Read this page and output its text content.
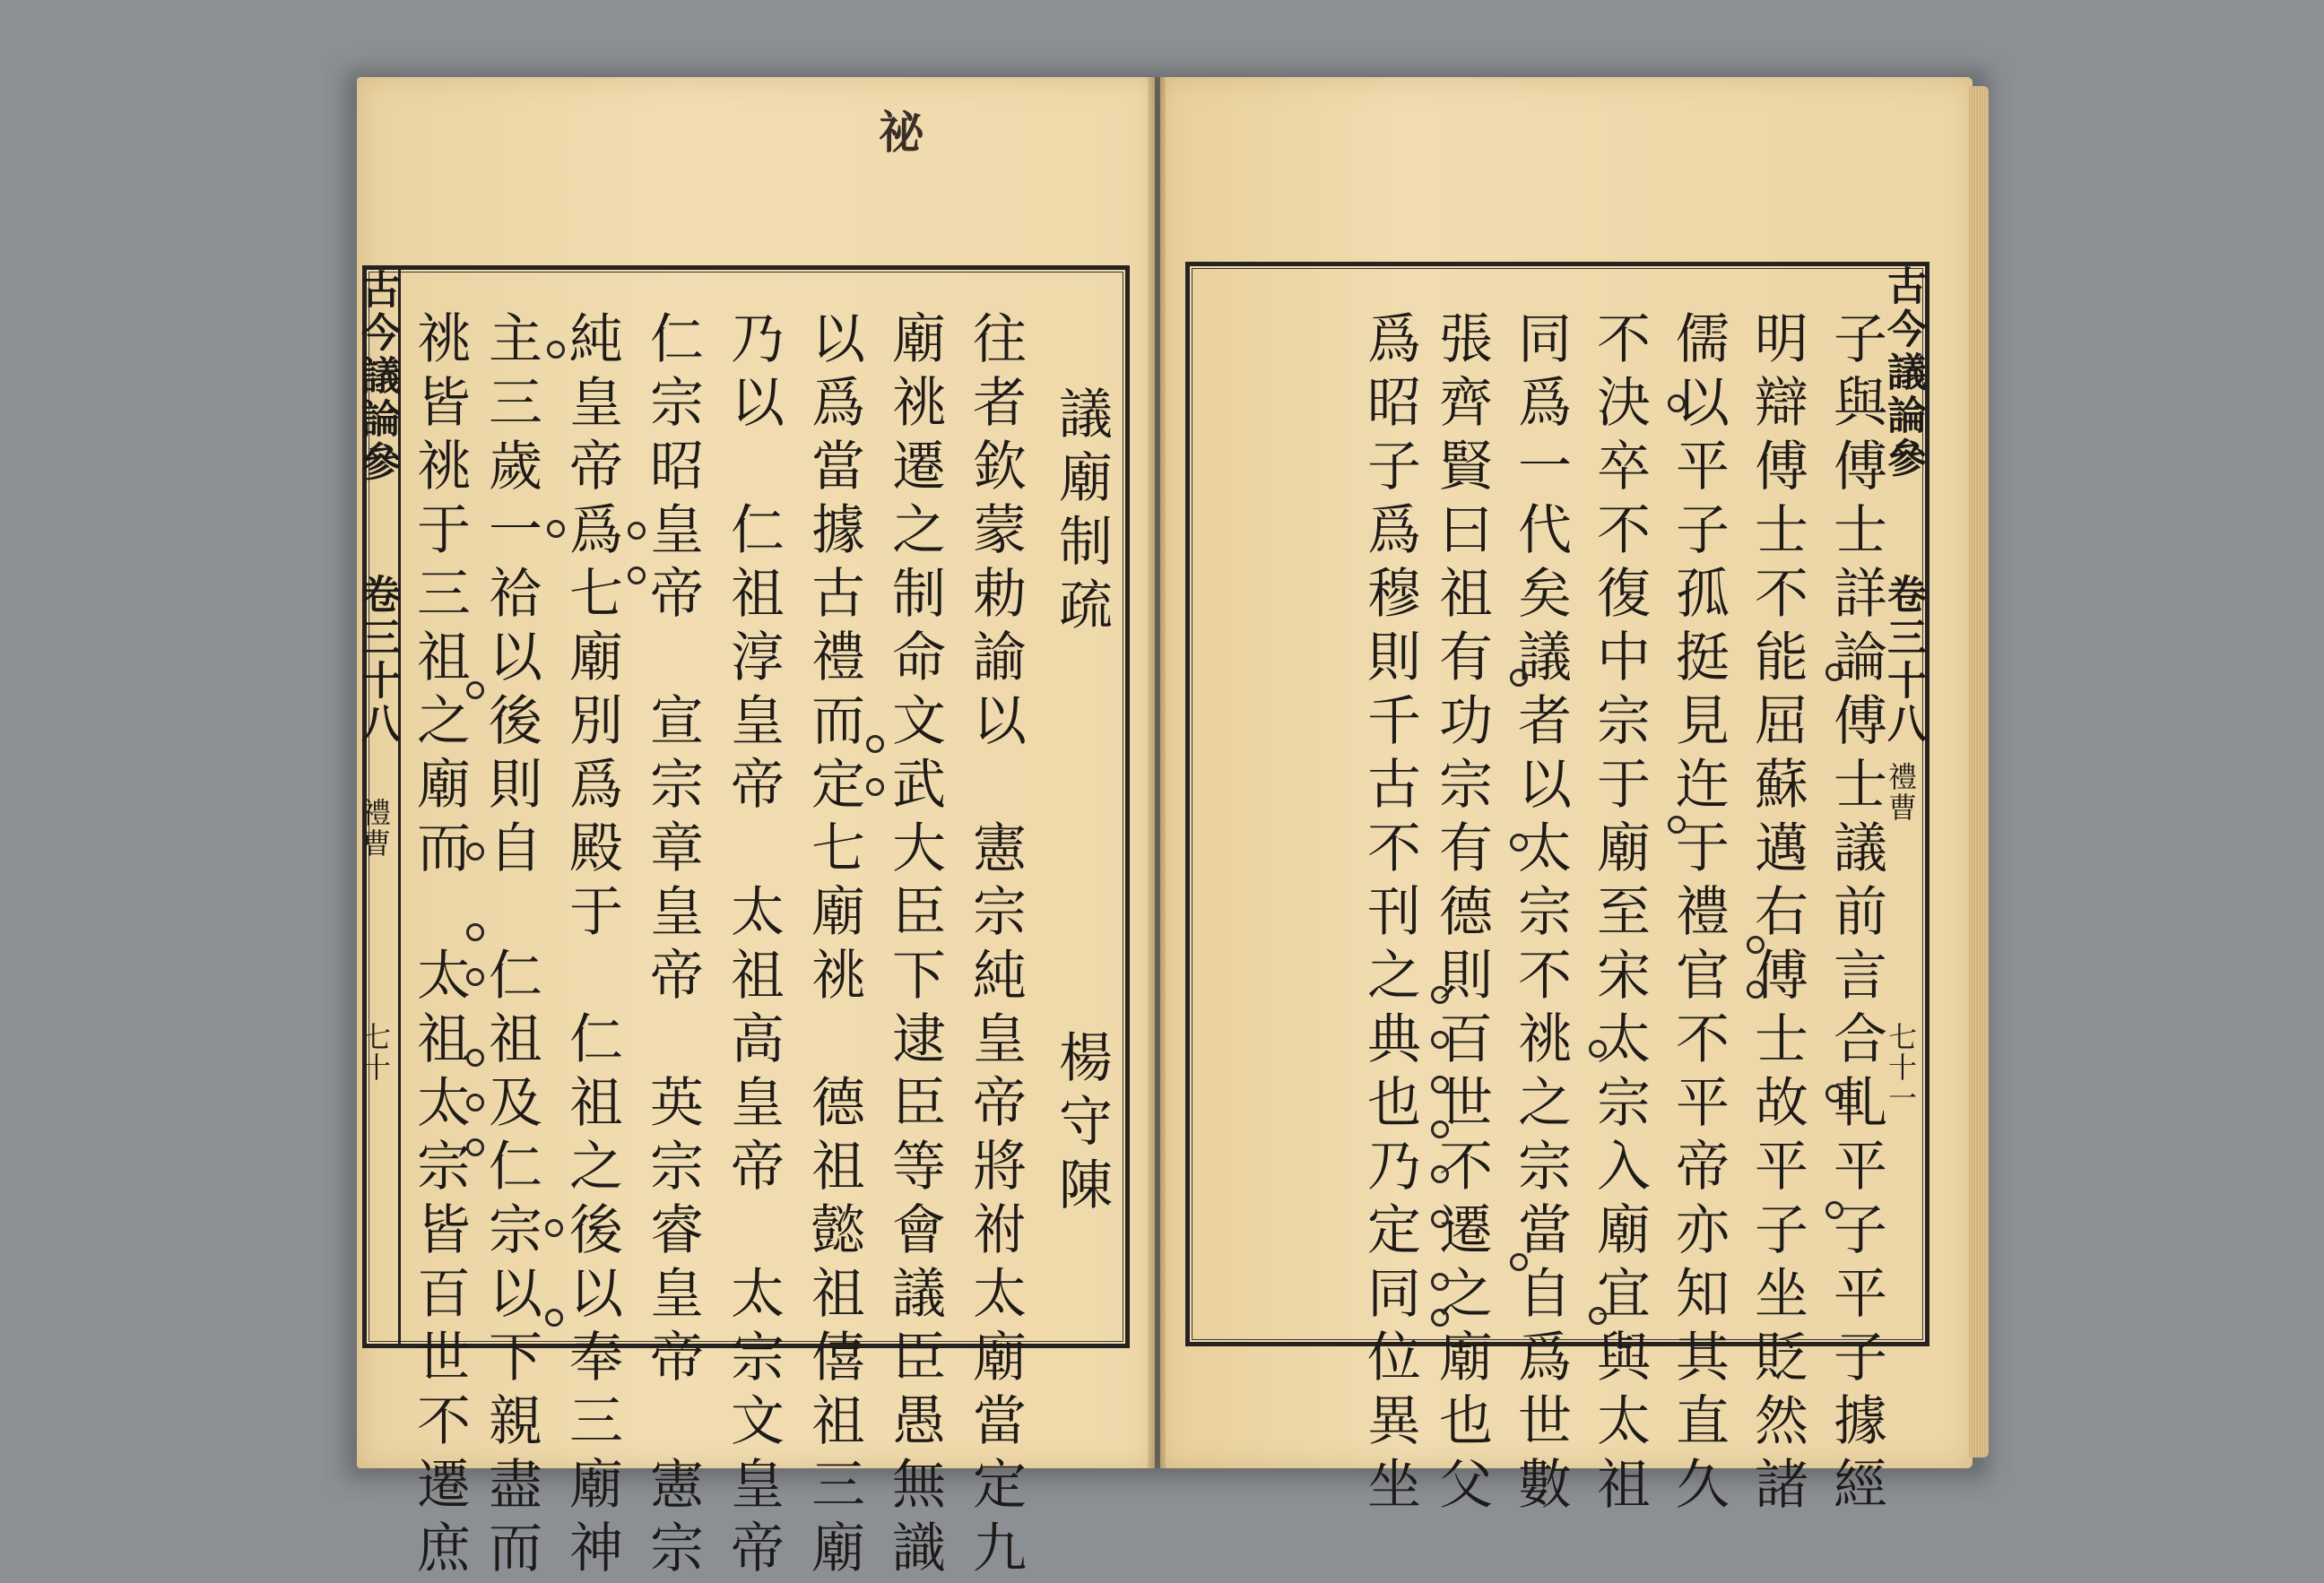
祕

古今議論參
卷三十八
禮曹
七十
議廟制疏
楊守陳
往者欽蒙勅諭以　憲宗純皇帝將祔太廟當定九
廟祧遷之制命文武大臣下逮臣等會議臣愚無識
以爲當據古禮而定七廟祧　德祖懿祖僖祖三廟
乃以　仁祖淳皇帝　太祖高皇帝　太宗文皇帝
仁宗昭皇帝　宣宗章皇帝　英宗睿皇帝　憲宗
純皇帝爲七廟別爲殿于　仁祖之後以奉三廟神
主三歲一祫以後則自　仁祖及仁宗以下親盡而
祧皆祧于三祖之廟而　太祖太宗皆百世不遷庶	古今議論參
卷三十八
禮曹
七十一
子與傅士詳論傅士議前言合軋平子平子據經
明辯傅士不能屈蘇邁右傅士故平子坐貶然諸
儒以平子孤挺見迕于禮官不平帝亦知其直久
不決卒不復中宗于廟至宋太宗入廟宜與太祖
同爲一代矣議者以太宗不祧之宗當自爲世數
張齊賢曰祖有功宗有德則百世不遷之廟也父
爲昭子爲穆則千古不刊之典也乃定同位異坐
